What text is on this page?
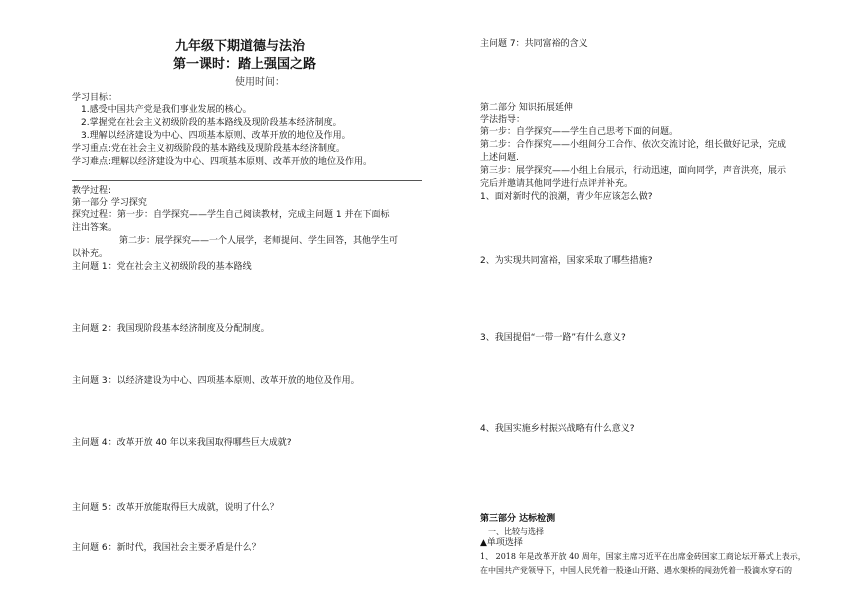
九年级下期道德与法治
第一课时：踏上强国之路
使用时间：
学习目标：
1.感受中国共产党是我们事业发展的核心。
2.掌握党在社会主义初级阶段的基本路线及现阶段基本经济制度。
3.理解以经济建设为中心、四项基本原则、改革开放的地位及作用。
学习重点:党在社会主义初级阶段的基本路线及现阶段基本经济制度。
学习难点:理解以经济建设为中心、四项基本原则、改革开放的地位及作用。
教学过程:
第一部分 学习探究
探究过程：第一步：自学探究——学生自己阅读教材，完成主问题 1 并在下面标
注出答案。
第二步：展学探究——一个人展学，老师提问、学生回答，其他学生可
以补充。
主问题 1：党在社会主义初级阶段的基本路线
主问题 2：我国现阶段基本经济制度及分配制度。
主问题 3：以经济建设为中心、四项基本原则、改革开放的地位及作用。
主问题 4：改革开放 40 年以来我国取得哪些巨大成就?
主问题 5：改革开放能取得巨大成就，说明了什么？
主问题 6：新时代，我国社会主要矛盾是什么？
主问题 7：共同富裕的含义
第二部分 知识拓展延伸
学法指导：
第一步：自学探究——学生自己思考下面的问题。
第二步：合作探究——小组间分工合作、依次交流讨论，组长做好记录，完成
上述问题.
第三步：展学探究——小组上台展示，行动迅速，面向同学，声音洪亮，展示
完后并邀请其他同学进行点评并补充。
1、面对新时代的浪潮，青少年应该怎么做?
2、为实现共同富裕，国家采取了哪些措施?
3、我国提倡“一带一路”有什么意义?
4、我国实施乡村振兴战略有什么意义?
第三部分 达标检测
一、比较与选择
▲单项选择
1、 2018 年是改革开放 40 周年，国家主席习近平在出席金砖国家工商论坛开幕式上表示，
在中国共产党领导下，中国人民凭着一股逢山开路、遇水架桥的闯劲凭着一股滴水穿石的
